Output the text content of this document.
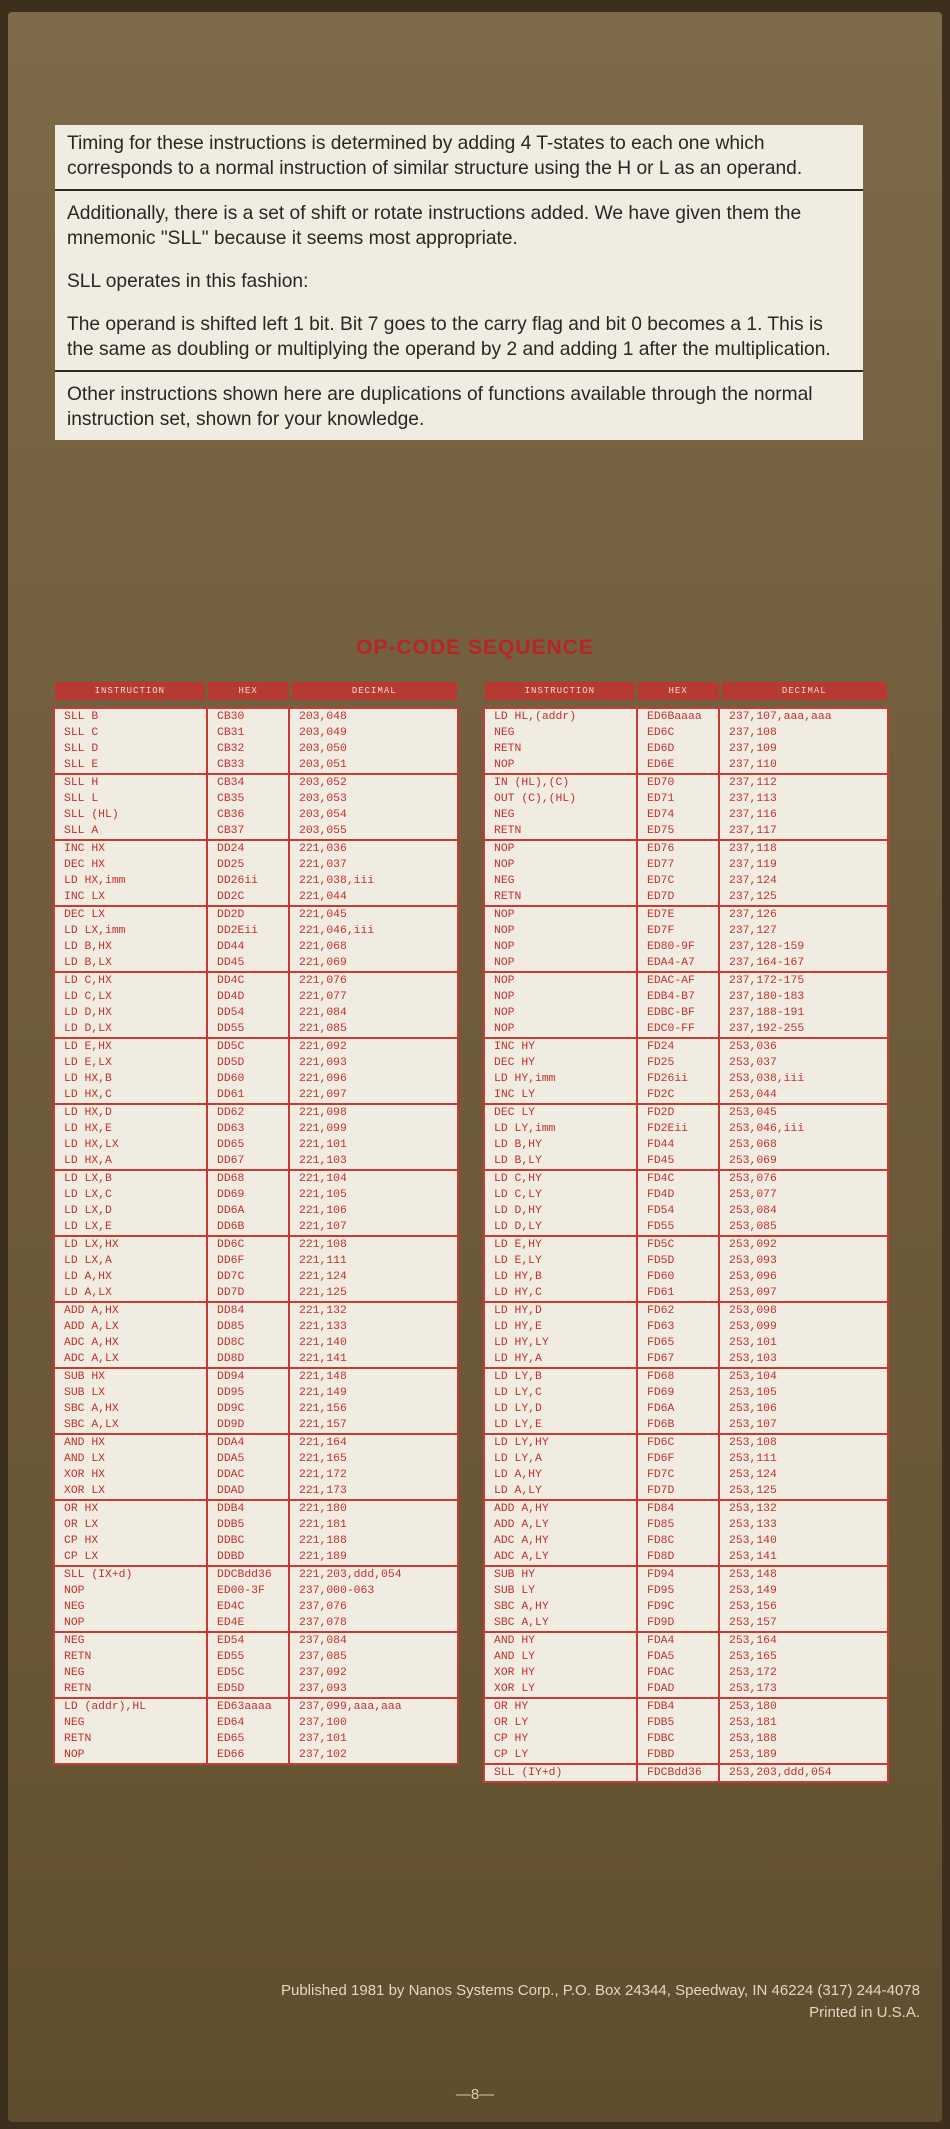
Timing for these instructions is determined by adding 4 T-states to each one which corresponds to a normal instruction of similar structure using the H or L as an operand.

Additionally, there is a set of shift or rotate instructions added. We have given them the mnemonic "SLL" because it seems most appropriate.

SLL operates in this fashion:

The operand is shifted left 1 bit. Bit 7 goes to the carry flag and bit 0 becomes a 1. This is the same as doubling or multiplying the operand by 2 and adding 1 after the multiplication.

Other instructions shown here are duplications of functions available through the normal instruction set, shown for your knowledge.

OP-CODE SEQUENCE
INSTRUCTION	HEX	DECIMAL
SLL B	CB30	203,048
SLL C	CB31	203,049
SLL D	CB32	203,050
SLL E	CB33	203,051
SLL H	CB34	203,052
SLL L	CB35	203,053
SLL (HL)	CB36	203,054
SLL A	CB37	203,055
INC HX	DD24	221,036
DEC HX	DD25	221,037
LD HX,imm	DD26ii	221,038,iii
INC LX	DD2C	221,044
DEC LX	DD2D	221,045
LD LX,imm	DD2Eii	221,046,iii
LD B,HX	DD44	221,068
LD B,LX	DD45	221,069
LD C,HX	DD4C	221,076
LD C,LX	DD4D	221,077
LD D,HX	DD54	221,084
LD D,LX	DD55	221,085
LD E,HX	DD5C	221,092
LD E,LX	DD5D	221,093
LD HX,B	DD60	221,096
LD HX,C	DD61	221,097
LD HX,D	DD62	221,098
LD HX,E	DD63	221,099
LD HX,LX	DD65	221,101
LD HX,A	DD67	221,103
LD LX,B	DD68	221,104
LD LX,C	DD69	221,105
LD LX,D	DD6A	221,106
LD LX,E	DD6B	221,107
LD LX,HX	DD6C	221,108
LD LX,A	DD6F	221,111
LD A,HX	DD7C	221,124
LD A,LX	DD7D	221,125
ADD A,HX	DD84	221,132
ADD A,LX	DD85	221,133
ADC A,HX	DD8C	221,140
ADC A,LX	DD8D	221,141
SUB HX	DD94	221,148
SUB LX	DD95	221,149
SBC A,HX	DD9C	221,156
SBC A,LX	DD9D	221,157
AND HX	DDA4	221,164
AND LX	DDA5	221,165
XOR HX	DDAC	221,172
XOR LX	DDAD	221,173
OR HX	DDB4	221,180
OR LX	DDB5	221,181
CP HX	DDBC	221,188
CP LX	DDBD	221,189
SLL (IX+d)	DDCBdd36	221,203,ddd,054
NOP	ED00-3F	237,000-063
NEG	ED4C	237,076
NOP	ED4E	237,078
NEG	ED54	237,084
RETN	ED55	237,085
NEG	ED5C	237,092
RETN	ED5D	237,093
LD (addr),HL	ED63aaaa	237,099,aaa,aaa
NEG	ED64	237,100
RETN	ED65	237,101
NOP	ED66	237,102
INSTRUCTION	HEX	DECIMAL
LD HL,(addr)	ED6Baaaa	237,107,aaa,aaa
NEG	ED6C	237,108
RETN	ED6D	237,109
NOP	ED6E	237,110
IN (HL),(C)	ED70	237,112
OUT (C),(HL)	ED71	237,113
NEG	ED74	237,116
RETN	ED75	237,117
NOP	ED76	237,118
NOP	ED77	237,119
NEG	ED7C	237,124
RETN	ED7D	237,125
NOP	ED7E	237,126
NOP	ED7F	237,127
NOP	ED80-9F	237,128-159
NOP	EDA4-A7	237,164-167
NOP	EDAC-AF	237,172-175
NOP	EDB4-B7	237,180-183
NOP	EDBC-BF	237,188-191
NOP	EDC0-FF	237,192-255
INC HY	FD24	253,036
DEC HY	FD25	253,037
LD HY,imm	FD26ii	253,038,iii
INC LY	FD2C	253,044
DEC LY	FD2D	253,045
LD LY,imm	FD2Eii	253,046,iii
LD B,HY	FD44	253,068
LD B,LY	FD45	253,069
LD C,HY	FD4C	253,076
LD C,LY	FD4D	253,077
LD D,HY	FD54	253,084
LD D,LY	FD55	253,085
LD E,HY	FD5C	253,092
LD E,LY	FD5D	253,093
LD HY,B	FD60	253,096
LD HY,C	FD61	253,097
LD HY,D	FD62	253,098
LD HY,E	FD63	253,099
LD HY,LY	FD65	253,101
LD HY,A	FD67	253,103
LD LY,B	FD68	253,104
LD LY,C	FD69	253,105
LD LY,D	FD6A	253,106
LD LY,E	FD6B	253,107
LD LY,HY	FD6C	253,108
LD LY,A	FD6F	253,111
LD A,HY	FD7C	253,124
LD A,LY	FD7D	253,125
ADD A,HY	FD84	253,132
ADD A,LY	FD85	253,133
ADC A,HY	FD8C	253,140
ADC A,LY	FD8D	253,141
SUB HY	FD94	253,148
SUB LY	FD95	253,149
SBC A,HY	FD9C	253,156
SBC A,LY	FD9D	253,157
AND HY	FDA4	253,164
AND LY	FDA5	253,165
XOR HY	FDAC	253,172
XOR LY	FDAD	253,173
OR HY	FDB4	253,180
OR LY	FDB5	253,181
CP HY	FDBC	253,188
CP LY	FDBD	253,189
SLL (IY+d)	FDCBdd36	253,203,ddd,054
Published 1981 by Nanos Systems Corp., P.O. Box 24344, Speedway, IN 46224 (317) 244-4078
Printed in U.S.A.
—8—
